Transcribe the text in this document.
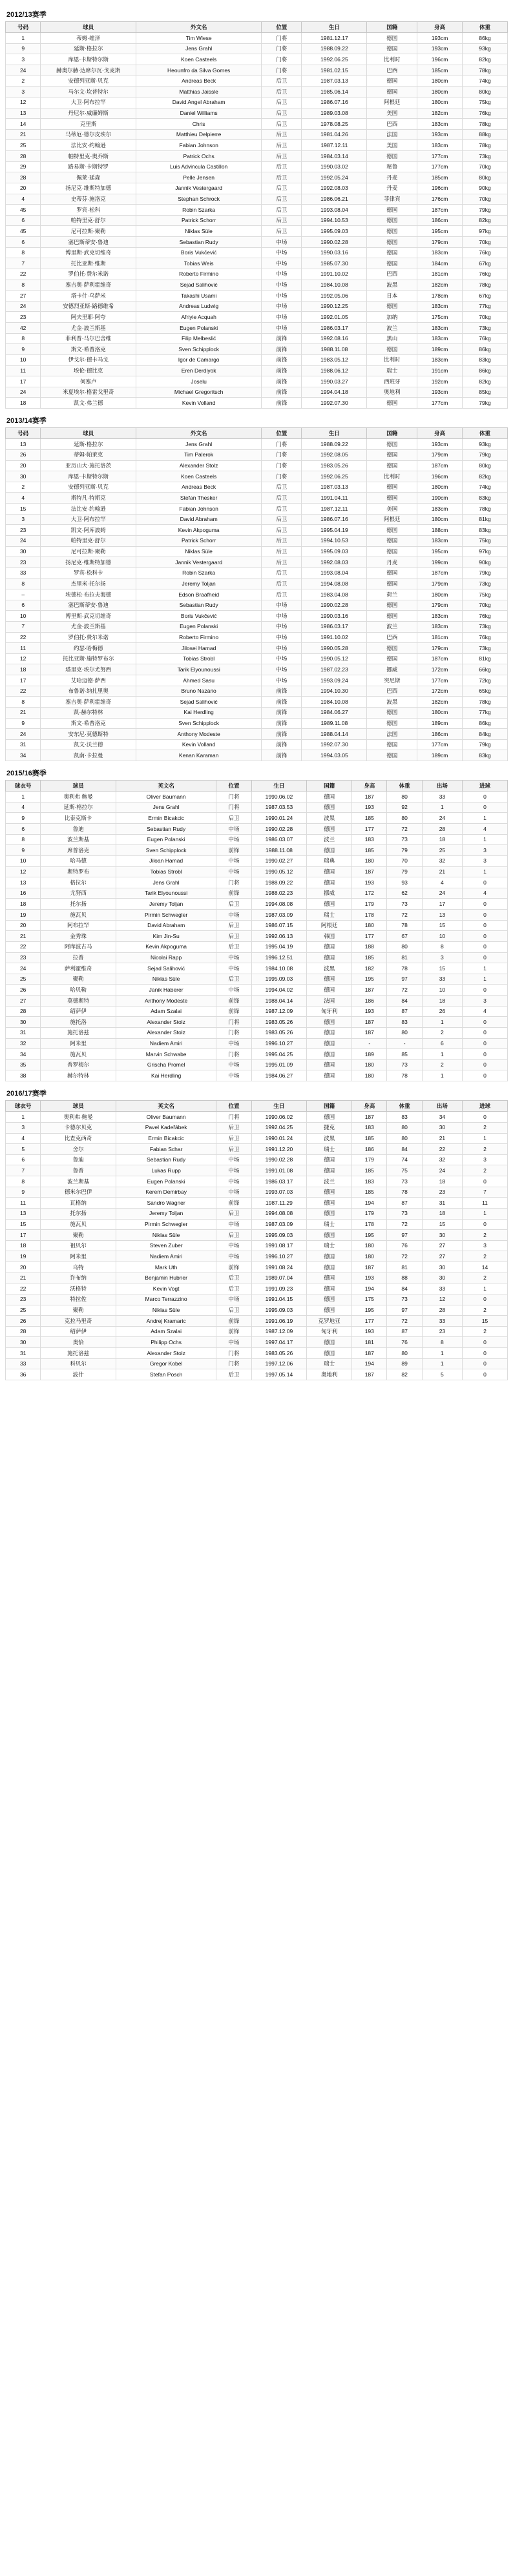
2012/13赛季
号码	球员	外文名	位置	生日	国籍	身高	体重
1	蒂姆·维泽	Tim Wiese	门将	1981.12.17	德国	193cm	86kg
9	延斯·格拉尔	Jens Grahl	门将	1988.09.22	德国	193cm	93kg
3	库恩·卡斯特尔斯	Koen Casteels	门将	1992.06.25	比利时	196cm	82kg
24	赫奥尔赫·达席尔瓦·戈麦斯	Heounfro da Silva Gomes	门将	1981.02.15	巴西	185cm	78kg
2	安德列亚斯·贝克	Andreas Beck	后卫	1987.03.13	德国	180cm	74kg
3	马尔文·坎普特尔	Matthias Jaissle	后卫	1985.06.14	德国	180cm	80kg
12	大卫·阿布拉罕	David Angel Abraham	后卫	1986.07.16	阿根廷	180cm	75kg
13	丹尼尔·威廉姆斯	Daniel Williams	后卫	1989.03.08	美国	182cm	76kg
14	克里斯	Chris	后卫	1978.08.25	巴西	183cm	78kg
21	马蒂厄·德尔皮埃尔	Matthieu Delpierre	后卫	1981.04.26	法国	193cm	88kg
25	法比安·约翰逊	Fabian Johnson	后卫	1987.12.11	美国	183cm	78kg
28	帕特里克·奥乔斯	Patrick Ochs	后卫	1984.03.14	德国	177cm	73kg
29	路易斯·卡斯特罗	Luis Advincula Castillon	后卫	1990.03.02	秘鲁	177cm	70kg
28	佩莱·延森	Pelle Jensen	后卫	1992.05.24	丹麦	185cm	80kg
20	扬尼克·维斯特加德	Jannik Vestergaard	后卫	1992.08.03	丹麦	196cm	90kg
4	史蒂芬·施洛克	Stephan Schrock	后卫	1986.06.21	菲律宾	176cm	70kg
45	罗宾·松科	Robin Szarka	后卫	1993.08.04	德国	187cm	79kg
6	帕特里克·舒尔	Patrick Schorr	后卫	1994.10.53	德国	186cm	82kg
45	尼可拉斯·聚勒	Niklas Süle	后卫	1995.09.03	德国	195cm	97kg
6	塞巴斯蒂安·鲁迪	Sebastian Rudy	中场	1990.02.28	德国	179cm	70kg
8	博里斯·武克切维奇	Boris Vukčević	中场	1990.03.16	德国	183cm	76kg
7	托比亚斯·维斯	Tobias Weis	中场	1985.07.30	德国	184cm	67kg
22	罗伯托·费尔米诺	Roberto Firmino	中场	1991.10.02	巴西	181cm	76kg
8	塞吉奥·萨利霍维奇	Sejad Salihović	中场	1984.10.08	波黑	182cm	78kg
27	塔卡什·乌萨米	Takashi Usami	中场	1992.05.06	日本	178cm	67kg
24	安德烈亚斯·路德维希	Andreas Ludwig	中场	1990.12.25	德国	183cm	77kg
23	阿夫里耶·阿夸	Afriyie Acquah	中场	1992.01.05	加纳	175cm	70kg
42	尤金·波兰斯基	Eugen Polanski	中场	1986.03.17	波兰	183cm	73kg
8	菲利普·马尔巴舍维	Filip Melbeslić	前锋	1992.08.16	黑山	183cm	76kg
9	斯文·希普洛克	Sven Schipplock	前锋	1988.11.08	德国	189cm	86kg
10	伊戈尔·德卡马戈	Igor de Camargo	前锋	1983.05.12	比利时	183cm	83kg
11	埃伦·德比克	Eren Derdiyok	前锋	1988.06.12	瑞士	191cm	86kg
17	何塞卢	Joselu	前锋	1990.03.27	西班牙	192cm	82kg
24	米夏埃尔·格雷戈里奇	Michael Gregoritsch	前锋	1994.04.18	奥地利	193cm	85kg
18	凯文·弗兰德	Kevin Volland	前锋	1992.07.30	德国	177cm	79kg
2013/14赛季
号码	球员	外文名	位置	生日	国籍	身高	体重
13	延斯·格拉尔	Jens Grahl	门将	1988.09.22	德国	193cm	93kg
26	蒂姆·帕莱克	Tim Palerok	门将	1992.08.05	德国	179cm	79kg
20	亚历山大·施托洛茨	Alexander Stolz	门将	1983.05.26	德国	187cm	80kg
30	库恩·卡斯特尔斯	Koen Casteels	门将	1992.06.25	比利时	196cm	82kg
2	安德列亚斯·贝克	Andreas Beck	后卫	1987.03.13	德国	180cm	74kg
4	斯特凡·特斯克	Stefan Thesker	后卫	1991.04.11	德国	190cm	83kg
15	法比安·约翰逊	Fabian Johnson	后卫	1987.12.11	美国	183cm	78kg
3	大卫·阿布拉罕	David Abraham	后卫	1986.07.16	阿根廷	180cm	81kg
23	凯文·阿库波姆	Kevin Akpoguma	后卫	1995.04.19	德国	188cm	83kg
24	帕特里克·舒尔	Patrick Schorr	后卫	1994.10.53	德国	183cm	75kg
30	尼可拉斯·聚勒	Niklas Süle	后卫	1995.09.03	德国	195cm	97kg
23	扬尼克·维斯特加德	Jannik Vestergaard	后卫	1992.08.03	丹麦	199cm	90kg
33	罗宾·松科卡	Robin Szarka	后卫	1993.08.04	德国	187cm	79kg
8	杰里米·托尔扬	Jeremy Toljan	后卫	1994.08.08	德国	179cm	73kg
–	埃德松·布拉夫海德	Edson Braafheid	后卫	1983.04.08	荷兰	180cm	75kg
6	塞巴斯蒂安·鲁迪	Sebastian Rudy	中场	1990.02.28	德国	179cm	70kg
10	博里斯·武克切维奇	Boris Vukčević	中场	1990.03.16	德国	183cm	76kg
7	尤金·波兰斯基	Eugen Polanski	中场	1986.03.17	波兰	183cm	73kg
22	罗伯托·费尔米诺	Roberto Firmino	中场	1991.10.02	巴西	181cm	76kg
11	约瑟·哈梅德	Jilosei Hamad	中场	1990.05.28	德国	179cm	73kg
12	托比亚斯·施特罗布尔	Tobias Strobl	中场	1990.05.12	德国	187cm	81kg
18	塔里克·埃尔尤努西	Tarik Elyounoussi	中场	1987.02.23	挪威	172cm	66kg
17	艾哈迈德·萨西	Ahmed Sasu	中场	1993.09.24	突尼斯	177cm	72kg
22	布鲁诺·纳扎里奥	Bruno Nazário	前锋	1994.10.30	巴西	172cm	65kg
8	塞吉奥·萨利霍维奇	Sejad Salihović	前锋	1984.10.08	波黑	182cm	78kg
21	凯·赫尔特林	Kai Herdling	前锋	1984.06.27	德国	180cm	77kg
9	斯文·希普洛克	Sven Schipplock	前锋	1989.11.08	德国	189cm	86kg
24	安东尼·莫德斯特	Anthony Modeste	前锋	1988.04.14	法国	186cm	84kg
31	凯文·沃兰德	Kevin Volland	前锋	1992.07.30	德国	177cm	79kg
34	凯南·卡拉曼	Kenan Karaman	前锋	1994.03.05	德国	189cm	83kg
2015/16赛季
球衣号	球员	英文名	位置	生日	国籍	身高	体重	出场	进球
1	奥利弗·鲍曼	Oliver Baumann	门将	1990.06.02	德国	187	80	33	0
4	延斯·格拉尔	Jens Grahl	门将	1987.03.53	德国	193	92	1	0
9	比泰克斯卡	Ermin Bicakcic	后卫	1990.01.24	波黑	185	80	24	1
6	鲁迪	Sebastian Rudy	中场	1990.02.28	德国	177	72	28	4
8	波兰斯基	Eugen Polanski	中场	1986.03.07	波兰	183	73	18	1
9	席普洛克	Sven Schipplock	前锋	1988.11.08	德国	185	79	25	3
10	哈马德	Jiloan Hamad	中场	1990.02.27	瑞典	180	70	32	3
12	斯特罗布	Tobias Strobl	中场	1990.05.12	德国	187	79	21	1
13	格拉尔	Jens Grahl	门将	1988.09.22	德国	193	93	4	0
16	尤努西	Tarik Elyounoussi	前锋	1988.02.23	挪威	172	62	24	4
18	托尔扬	Jeremy Toljan	后卫	1994.08.08	德国	179	73	17	0
19	施瓦贝	Pirmin Schwegler	中场	1987.03.09	瑞士	178	72	13	0
20	阿布拉罕	David Abraham	后卫	1986.07.15	阿根廷	180	78	15	0
21	金秀珠	Kim Jin-Su	后卫	1992.06.13	韩国	177	67	10	0
22	阿库波古马	Kevin Akpoguma	后卫	1995.04.19	德国	188	80	8	0
23	拉普	Nicolai Rapp	中场	1996.12.51	德国	185	81	3	0
24	萨利霍维奇	Sejad Salihović	中场	1984.10.08	波黑	182	78	15	1
25	聚勒	Niklas Süle	后卫	1995.09.03	德国	195	97	33	1
26	哈贝勒	Janik Haberer	中场	1994.04.02	德国	187	72	10	0
27	莫德斯特	Anthony Modeste	前锋	1988.04.14	法国	186	84	18	3
28	绍萨伊	Adam Szalai	前锋	1987.12.09	匈牙利	193	87	26	4
30	施托洛	Alexander Stolz	门将	1983.05.26	德国	187	83	1	0
31	施托洛兹	Alexander Stolz	门将	1983.05.26	德国	187	80	2	0
32	阿米里	Nadiem Amiri	中场	1996.10.27	德国	-	-	6	0
34	施瓦贝	Marvin Schwabe	门将	1995.04.25	德国	189	85	1	0
35	普罗梅尔	Grischa Promel	中场	1995.01.09	德国	180	73	2	0
38	赫尔特林	Kai Herdling	中场	1984.06.27	德国	180	78	1	0
2016/17赛季
球衣号	球员	英文名	位置	生日	国籍	身高	体重	出场	进球
1	奥利弗·鲍曼	Oliver Baumann	门将	1990.06.02	德国	187	83	34	0
3	卡德尔贝克	Pavel Kadeřábek	后卫	1992.04.25	捷克	183	80	30	2
4	比查克西奇	Ermin Bicakcic	后卫	1990.01.24	波黑	185	80	21	1
5	舍尔	Fabian Schar	后卫	1991.12.20	瑞士	186	84	22	2
6	鲁迪	Sebastian Rudy	中场	1990.02.28	德国	179	74	32	3
7	鲁普	Lukas Rupp	中场	1991.01.08	德国	185	75	24	2
8	波兰斯基	Eugen Polanski	中场	1986.03.17	波兰	183	73	18	0
9	德米尔巴伊	Kerem Demirbay	中场	1993.07.03	德国	185	78	23	7
11	瓦格纳	Sandro Wagner	前锋	1987.11.29	德国	194	87	31	11
13	托尔扬	Jeremy Toljan	后卫	1994.08.08	德国	179	73	18	1
15	施瓦贝	Pirmin Schwegler	中场	1987.03.09	瑞士	178	72	15	0
17	聚勒	Niklas Süle	后卫	1995.09.03	德国	195	97	30	2
18	祖贝尔	Steven Zuber	中场	1991.08.17	瑞士	180	76	27	3
19	阿米里	Nadiem Amiri	中场	1996.10.27	德国	180	72	27	2
20	乌特	Mark Uth	前锋	1991.08.24	德国	187	81	30	14
21	许布纳	Benjamin Hubner	后卫	1989.07.04	德国	193	88	30	2
22	沃格特	Kevin Vogt	后卫	1991.09.23	德国	194	84	33	1
23	特拉佐	Marco Terrazzino	中场	1991.04.15	德国	175	73	12	0
25	聚勒	Niklas Süle	后卫	1995.09.03	德国	195	97	28	2
26	克拉马里奇	Andrej Kramaric	前锋	1991.06.19	克罗地亚	177	72	33	15
28	绍萨伊	Adam Szalai	前锋	1987.12.09	匈牙利	193	87	23	2
30	奥恰	Philipp Ochs	中场	1997.04.17	德国	181	76	8	0
31	施托洛兹	Alexander Stolz	门将	1983.05.26	德国	187	80	1	0
33	科贝尔	Gregor Kobel	门将	1997.12.06	瑞士	194	89	1	0
36	波什	Stefan Posch	后卫	1997.05.14	奥地利	187	82	5	0
